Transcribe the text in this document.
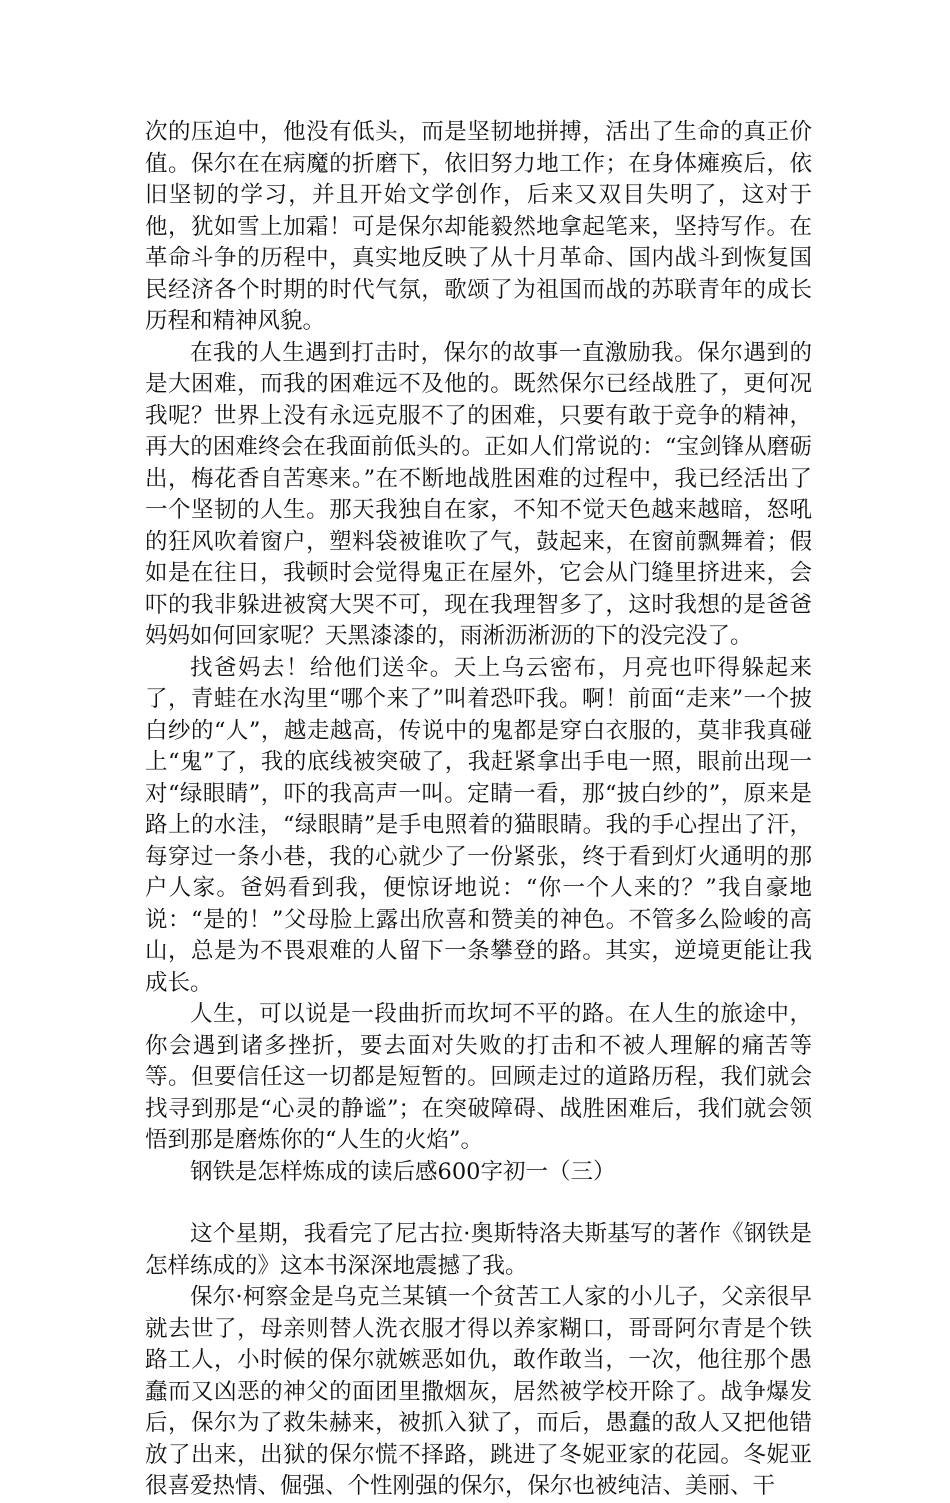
次的压迫中，他没有低头，而是坚韧地拼搏，活出了生命的真正价值。保尔在在病魔的折磨下，依旧努力地工作；在身体瘫痪后，依旧坚韧的学习，并且开始文学创作，后来又双目失明了，这对于他，犹如雪上加霜！可是保尔却能毅然地拿起笔来，坚持写作。在革命斗争的历程中，真实地反映了从十月革命、国内战斗到恢复国民经济各个时期的时代气氛，歌颂了为祖国而战的苏联青年的成长历程和精神风貌。

在我的人生遇到打击时，保尔的故事一直激励我。保尔遇到的是大困难，而我的困难远不及他的。既然保尔已经战胜了，更何况我呢？世界上没有永远克服不了的困难，只要有敢于竞争的精神，再大的困难终会在我面前低头的。正如人们常说的：“宝剑锋从磨砺出，梅花香自苦寒来。”在不断地战胜困难的过程中，我已经活出了一个坚韧的人生。那天我独自在家，不知不觉天色越来越暗，怒吼的狂风吹着窗户，塑料袋被谁吹了气，鼓起来，在窗前飘舞着；假如是在往日，我顿时会觉得鬼正在屋外，它会从门缝里挤进来，会吓的我非躲进被窝大哭不可，现在我理智多了，这时我想的是爸爸妈妈如何回家呢？天黑漆漆的，雨淅沥淅沥的下的没完没了。

找爸妈去！给他们送伞。天上乌云密布，月亮也吓得躲起来了，青蛙在水沟里“哪个来了”叫着恐吓我。啊！前面“走来”一个披白纱的“人”，越走越高，传说中的鬼都是穿白衣服的，莫非我真碰上“鬼”了，我的底线被突破了，我赶紧拿出手电一照，眼前出现一对“绿眼睛”，吓的我高声一叫。定睛一看，那“披白纱的”，原来是路上的水洼，“绿眼睛”是手电照着的猫眼睛。我的手心捏出了汗，每穿过一条小巷，我的心就少了一份紧张，终于看到灯火通明的那户人家。爸妈看到我，便惊讶地说：“你一个人来的？”我自豪地说：“是的！”父母脸上露出欣喜和赞美的神色。不管多么险峻的高山，总是为不畏艰难的人留下一条攀登的路。其实，逆境更能让我成长。

人生，可以说是一段曲折而坎坷不平的路。在人生的旅途中，你会遇到诸多挫折，要去面对失败的打击和不被人理解的痛苦等等。但要信任这一切都是短暂的。回顾走过的道路历程，我们就会找寻到那是“心灵的静谧”；在突破障碍、战胜困难后，我们就会领悟到那是磨炼你的“人生的火焰”。

钢铁是怎样炼成的读后感600字初一（三）

这个星期，我看完了尼古拉·奥斯特洛夫斯基写的著作《钢铁是怎样练成的》这本书深深地震撼了我。

保尔·柯察金是乌克兰某镇一个贫苦工人家的小儿子，父亲很早就去世了，母亲则替人洗衣服才得以养家糊口，哥哥阿尔青是个铁路工人，小时候的保尔就嫉恶如仇，敢作敢当，一次，他往那个愚蠢而又凶恶的神父的面团里撒烟灰，居然被学校开除了。战争爆发后，保尔为了救朱赫来，被抓入狱了，而后，愚蠢的敌人又把他错放了出来，出狱的保尔慌不择路，跳进了冬妮亚家的花园。冬妮亚很喜爱热情、倔强、个性刚强的保尔，保尔也被纯洁、美丽、干
